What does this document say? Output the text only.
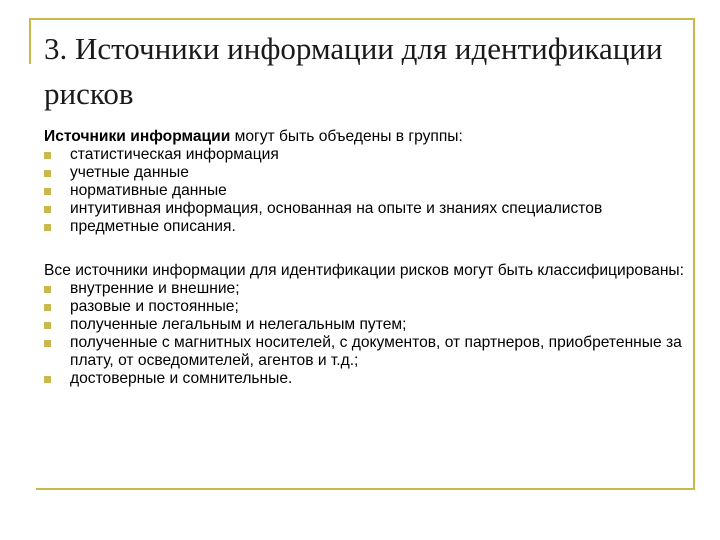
3. Источники информации для идентификации рисков

Источники информации могут быть объедены в группы:

статистическая информация
учетные данные
нормативные данные
интуитивная информация, основанная на опыте и знаниях специалистов
предметные описания.

Все источники информации для идентификации рисков могут быть классифицированы:

внутренние и внешние;
разовые и постоянные;
полученные легальным и нелегальным путем;
полученные с магнитных носителей, с документов, от партнеров, приобретенные за плату, от осведомителей, агентов и т.д.;
достоверные и сомнительные.
